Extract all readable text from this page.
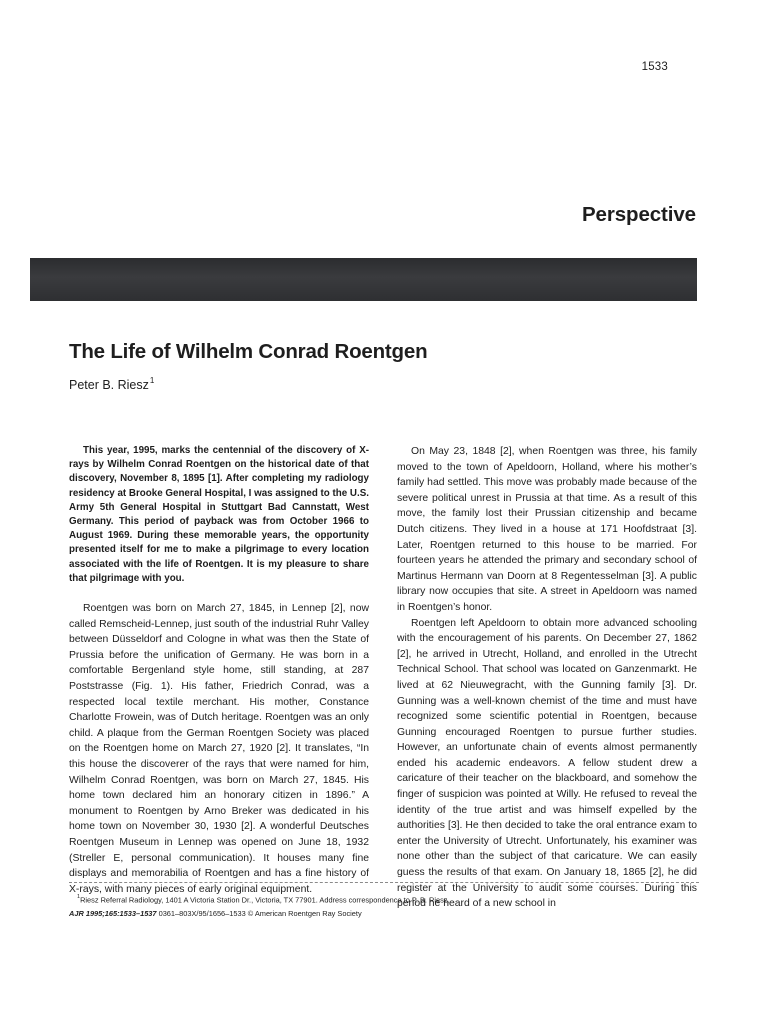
1533
Perspective
The Life of Wilhelm Conrad Roentgen
Peter B. Riesz$^1$

This year, 1995, marks the centennial of the discovery of X-rays by Wilhelm Conrad Roentgen on the historical date of that discovery, November 8, 1895 [1]. After completing my radiology residency at Brooke General Hospital, I was assigned to the U.S. Army 5th General Hospital in Stuttgart Bad Cannstatt, West Germany. This period of payback was from October 1966 to August 1969. During these memorable years, the opportunity presented itself for me to make a pilgrimage to every location associated with the life of Roentgen. It is my pleasure to share that pilgrimage with you.

Roentgen was born on March 27, 1845, in Lennep [2], now called Remscheid-Lennep, just south of the industrial Ruhr Valley between Düsseldorf and Cologne in what was then the State of Prussia before the unification of Germany. He was born in a comfortable Bergenland style home, still standing, at 287 Poststrasse (Fig. 1). His father, Friedrich Conrad, was a respected local textile merchant. His mother, Constance Charlotte Frowein, was of Dutch heritage. Roentgen was an only child. A plaque from the German Roentgen Society was placed on the Roentgen home on March 27, 1920 [2]. It translates, “In this house the discoverer of the rays that were named for him, Wilhelm Conrad Roentgen, was born on March 27, 1845. His home town declared him an honorary citizen in 1896.” A monument to Roentgen by Arno Breker was dedicated in his home town on November 30, 1930 [2]. A wonderful Deutsches Roentgen Museum in Lennep was opened on June 18, 1932 (Streller E, personal communication). It houses many fine displays and memorabilia of Roentgen and has a fine history of X-rays, with many pieces of early original equipment.

On May 23, 1848 [2], when Roentgen was three, his family moved to the town of Apeldoorn, Holland, where his mother’s family had settled. This move was probably made because of the severe political unrest in Prussia at that time. As a result of this move, the family lost their Prussian citizenship and became Dutch citizens. They lived in a house at 171 Hoofdstraat [3]. Later, Roentgen returned to this house to be married. For fourteen years he attended the primary and secondary school of Martinus Hermann van Doorn at 8 Regentesselman [3]. A public library now occupies that site. A street in Apeldoorn was named in Roentgen’s honor.

Roentgen left Apeldoorn to obtain more advanced schooling with the encouragement of his parents. On December 27, 1862 [2], he arrived in Utrecht, Holland, and enrolled in the Utrecht Technical School. That school was located on Ganzenmarkt. He lived at 62 Nieuwegracht, with the Gunning family [3]. Dr. Gunning was a well-known chemist of the time and must have recognized some scientific potential in Roentgen, because Gunning encouraged Roentgen to pursue further studies. However, an unfortunate chain of events almost permanently ended his academic endeavors. A fellow student drew a caricature of their teacher on the blackboard, and somehow the finger of suspicion was pointed at Willy. He refused to reveal the identity of the true artist and was himself expelled by the authorities [3]. He then decided to take the oral entrance exam to enter the University of Utrecht. Unfortunately, his examiner was none other than the subject of that caricature. We can easily guess the results of that exam. On January 18, 1865 [2], he did register at the University to audit some courses. During this period he heard of a new school in

$^1$Riesz Referral Radiology, 1401 A Victoria Station Dr., Victoria, TX 77901. Address correspondence to P. B. Riesz.
AJR 1995;165:1533–1537 0361–803X/95/1656–1533 © American Roentgen Ray Society
